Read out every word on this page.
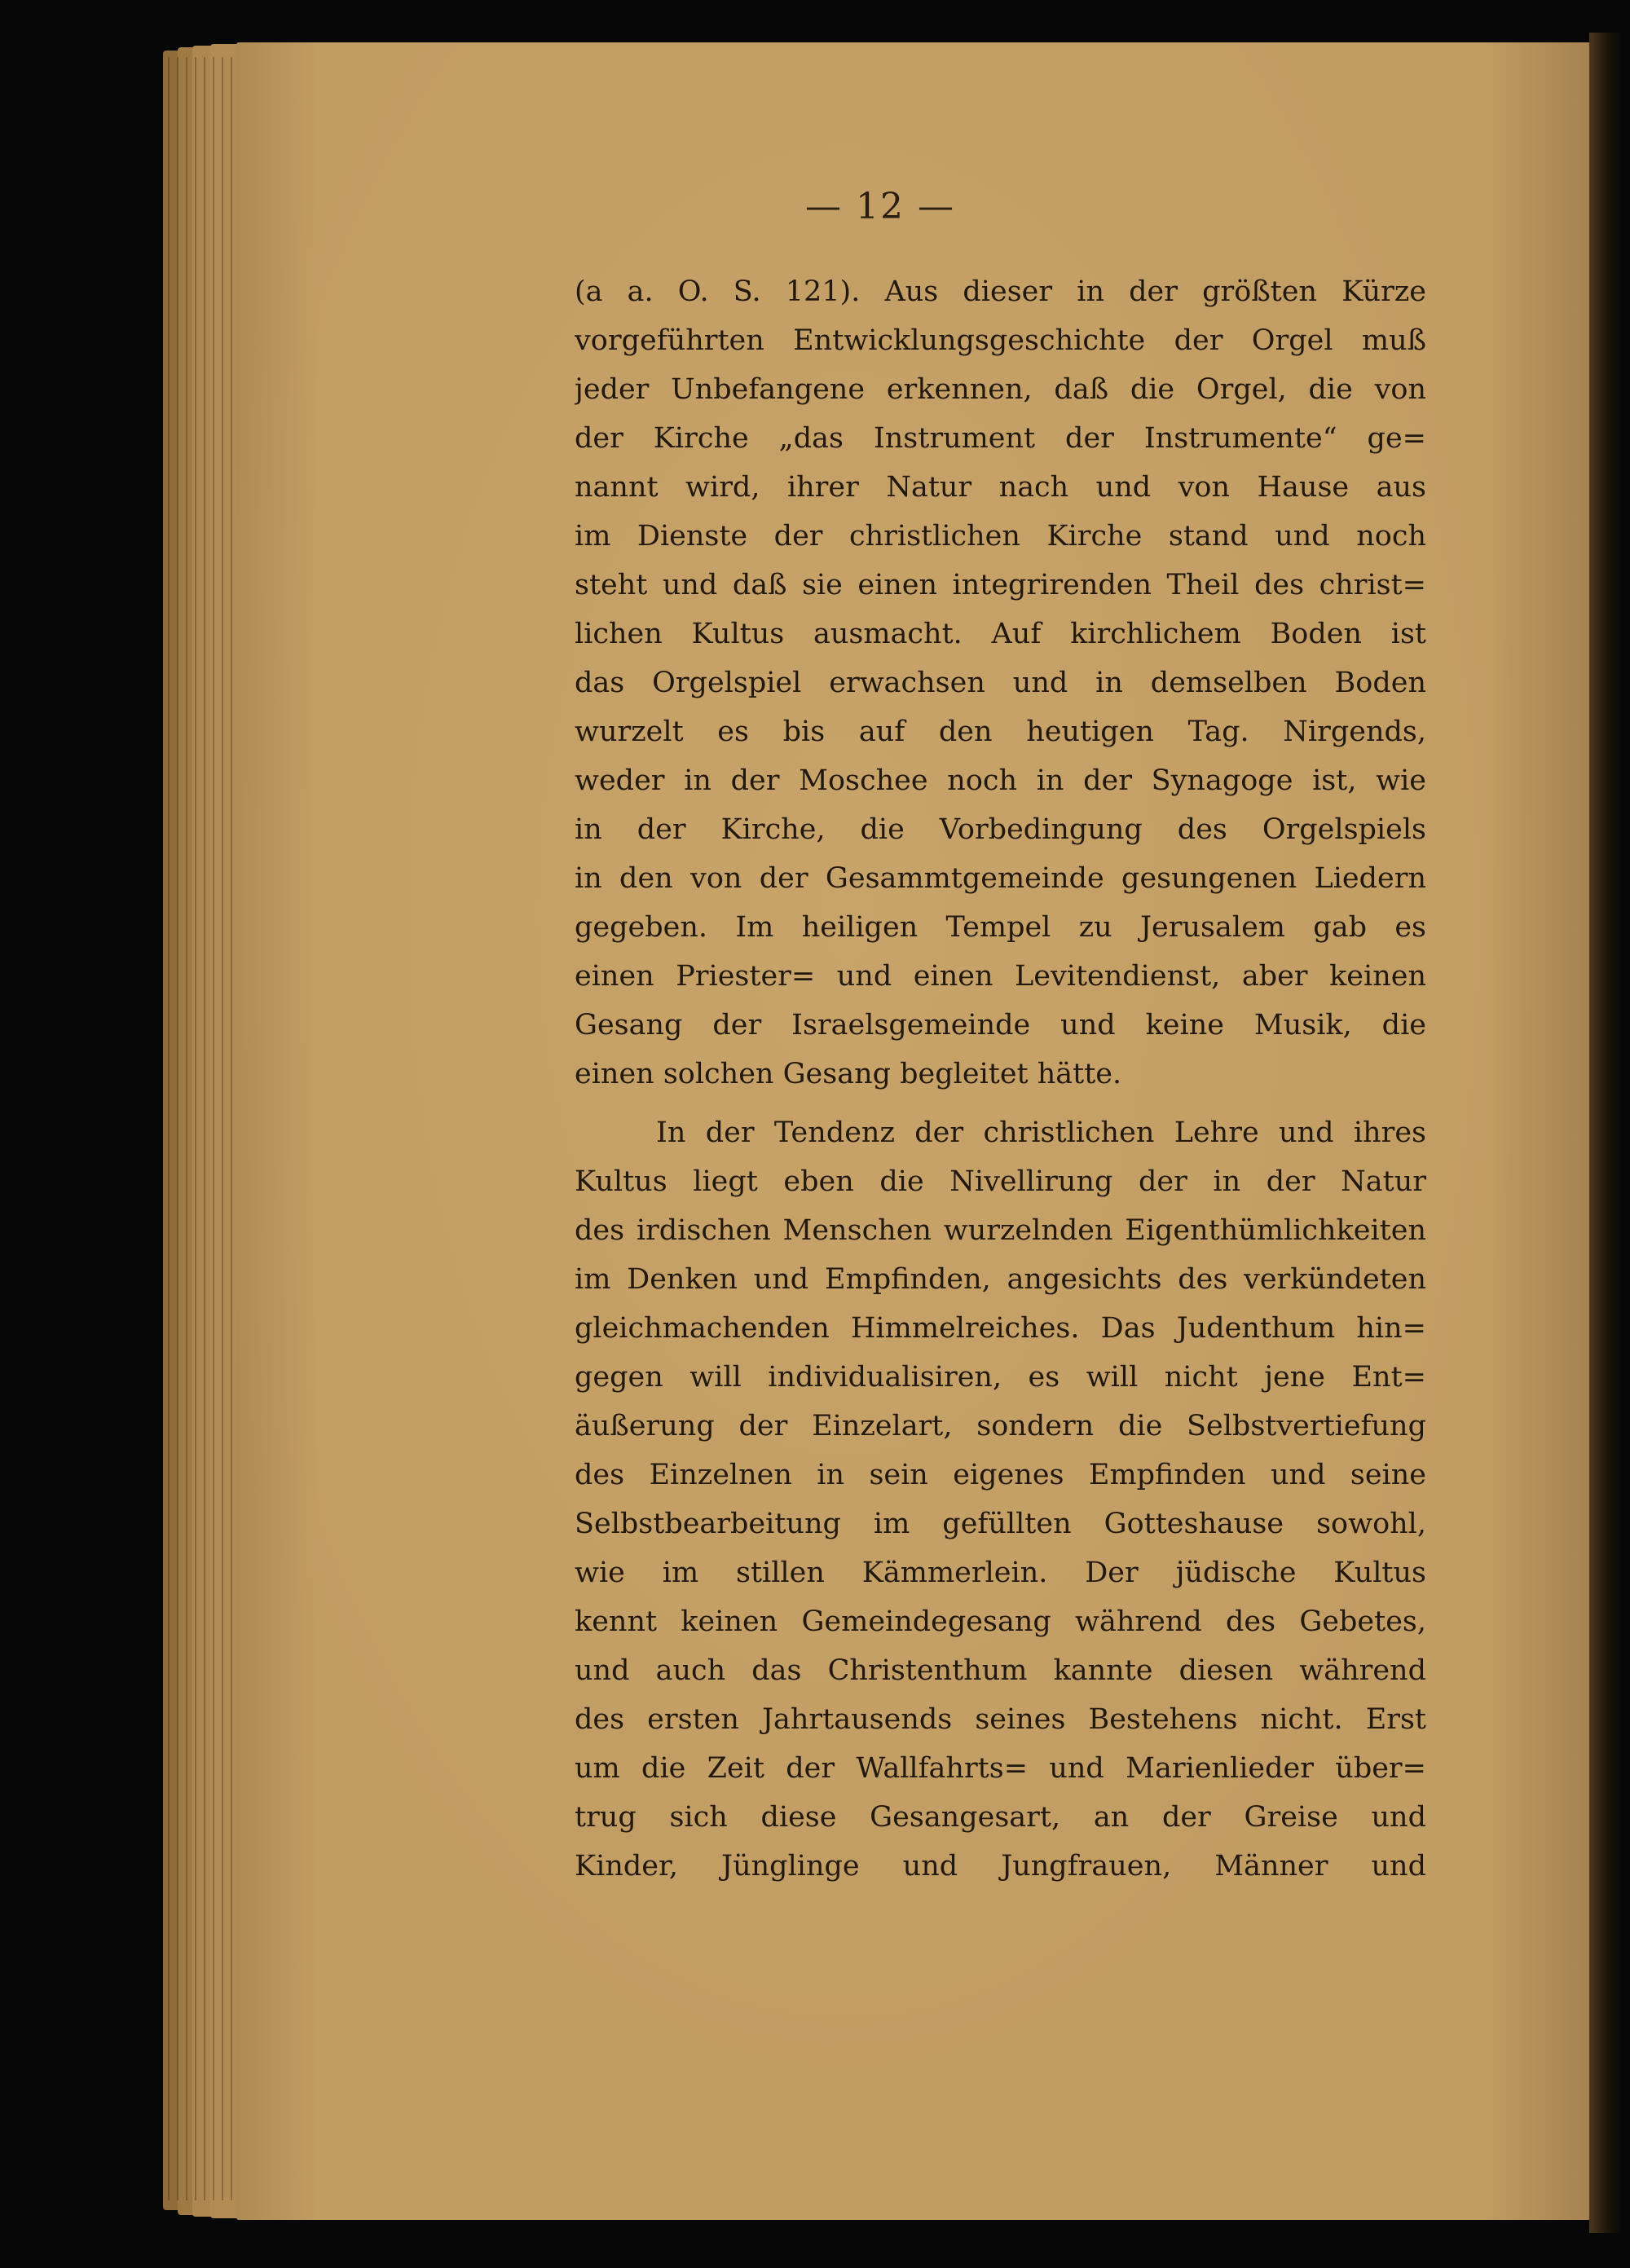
— 12 —
(a a. O. S. 121). Aus dieser in der größten Kürze
vorgeführten Entwicklungsgeschichte der Orgel muß
jeder Unbefangene erkennen, daß die Orgel, die von
der Kirche „das Instrument der Instrumente“ ge=
nannt wird, ihrer Natur nach und von Hause aus
im Dienste der christlichen Kirche stand und noch
steht und daß sie einen integrirenden Theil des christ=
lichen Kultus ausmacht. Auf kirchlichem Boden ist
das Orgelspiel erwachsen und in demselben Boden
wurzelt es bis auf den heutigen Tag. Nirgends,
weder in der Moschee noch in der Synagoge ist, wie
in der Kirche, die Vorbedingung des Orgelspiels
in den von der Gesammtgemeinde gesungenen Liedern
gegeben. Im heiligen Tempel zu Jerusalem gab es
einen Priester= und einen Levitendienst, aber keinen
Gesang der Israelsgemeinde und keine Musik, die
einen solchen Gesang begleitet hätte.
In der Tendenz der christlichen Lehre und ihres
Kultus liegt eben die Nivellirung der in der Natur
des irdischen Menschen wurzelnden Eigenthümlichkeiten
im Denken und Empfinden, angesichts des verkündeten
gleichmachenden Himmelreiches. Das Judenthum hin=
gegen will individualisiren, es will nicht jene Ent=
äußerung der Einzelart, sondern die Selbstvertiefung
des Einzelnen in sein eigenes Empfinden und seine
Selbstbearbeitung im gefüllten Gotteshause sowohl,
wie im stillen Kämmerlein. Der jüdische Kultus
kennt keinen Gemeindegesang während des Gebetes,
und auch das Christenthum kannte diesen während
des ersten Jahrtausends seines Bestehens nicht. Erst
um die Zeit der Wallfahrts= und Marienlieder über=
trug sich diese Gesangesart, an der Greise und
Kinder, Jünglinge und Jungfrauen, Männer und
